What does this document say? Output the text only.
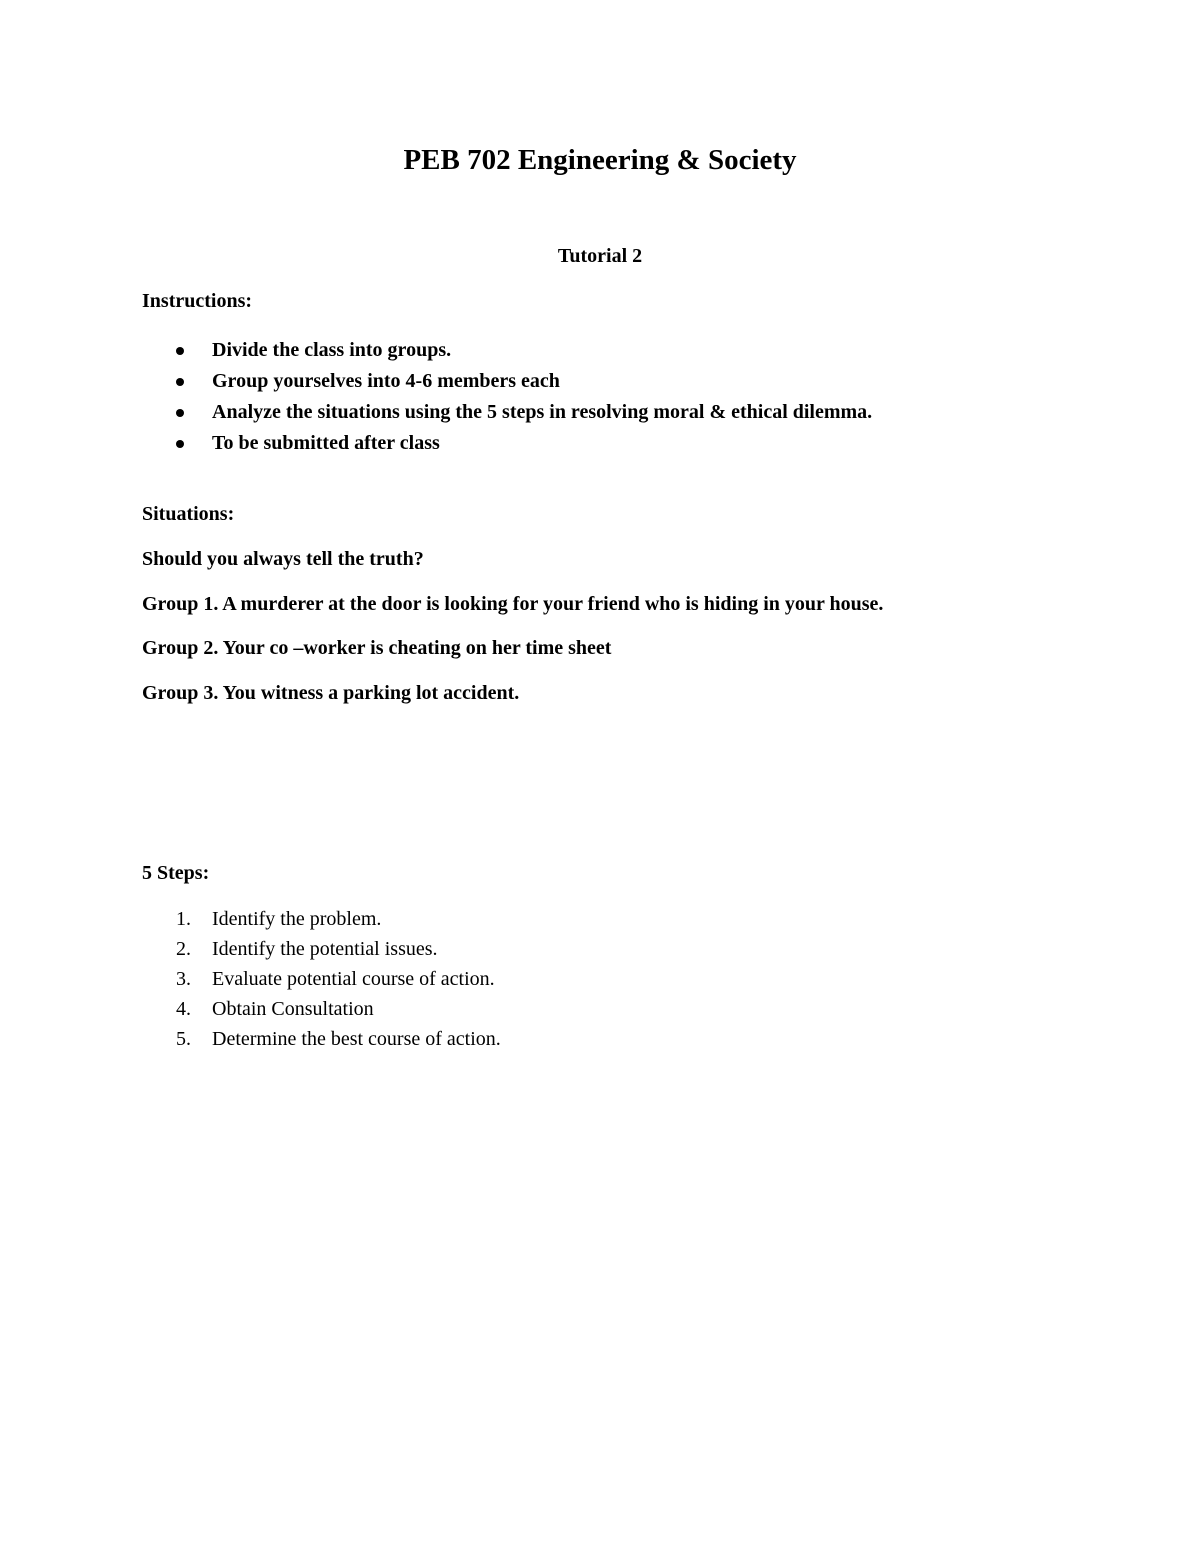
PEB 702 Engineering & Society
Tutorial 2

Instructions:

Divide the class into groups.
Group yourselves into 4-6 members each
Analyze the situations using the 5 steps in resolving moral & ethical dilemma.
To be submitted after class

Situations:

Should you always tell the truth?

Group 1. A murderer at the door is looking for your friend who is hiding in your house.

Group 2. Your co –worker is cheating on her time sheet

Group 3. You witness a parking lot accident.

5 Steps:

1. Identify the problem.
2. Identify the potential issues.
3. Evaluate potential course of action.
4. Obtain Consultation
5. Determine the best course of action.
